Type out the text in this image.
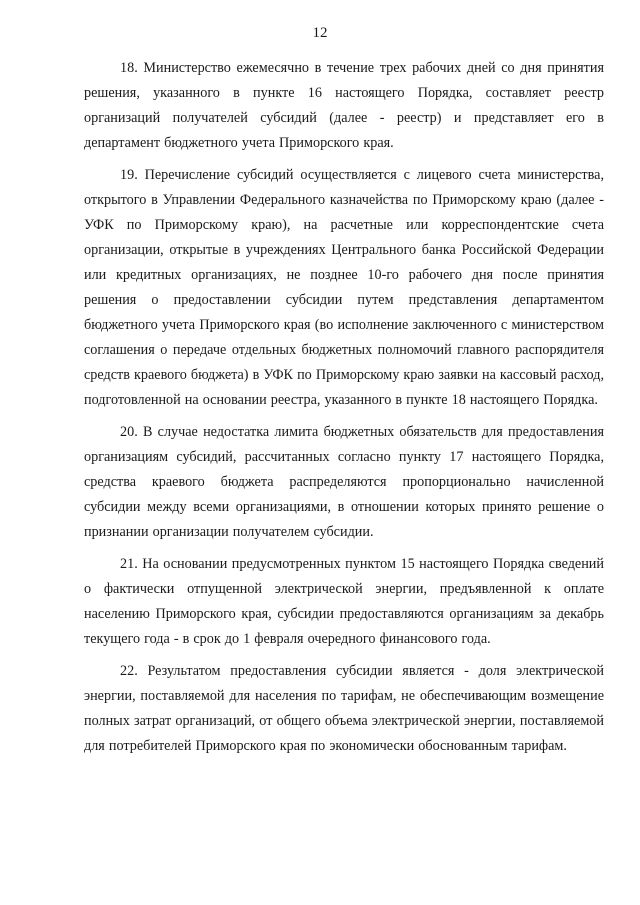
12

18. Министерство ежемесячно в течение трех рабочих дней со дня принятия решения, указанного в пункте 16 настоящего Порядка, составляет реестр организаций получателей субсидий (далее - реестр) и представляет его в департамент бюджетного учета Приморского края.

19. Перечисление субсидий осуществляется с лицевого счета министерства, открытого в Управлении Федерального казначейства по Приморскому краю (далее - УФК по Приморскому краю), на расчетные или корреспондентские счета организации, открытые в учреждениях Центрального банка Российской Федерации или кредитных организациях, не позднее 10-го рабочего дня после принятия решения о предоставлении субсидии путем представления департаментом бюджетного учета Приморского края (во исполнение заключенного с министерством соглашения о передаче отдельных бюджетных полномочий главного распорядителя средств краевого бюджета) в УФК по Приморскому краю заявки на кассовый расход, подготовленной на основании реестра, указанного в пункте 18 настоящего Порядка.

20. В случае недостатка лимита бюджетных обязательств для предоставления организациям субсидий, рассчитанных согласно пункту 17 настоящего Порядка, средства краевого бюджета распределяются пропорционально начисленной субсидии между всеми организациями, в отношении которых принято решение о признании организации получателем субсидии.

21. На основании предусмотренных пунктом 15 настоящего Порядка сведений о фактически отпущенной электрической энергии, предъявленной к оплате населению Приморского края, субсидии предоставляются организациям за декабрь текущего года - в срок до 1 февраля очередного финансового года.

22. Результатом предоставления субсидии является - доля электрической энергии, поставляемой для населения по тарифам, не обеспечивающим возмещение полных затрат организаций, от общего объема электрической энергии, поставляемой для потребителей Приморского края по экономически обоснованным тарифам.
